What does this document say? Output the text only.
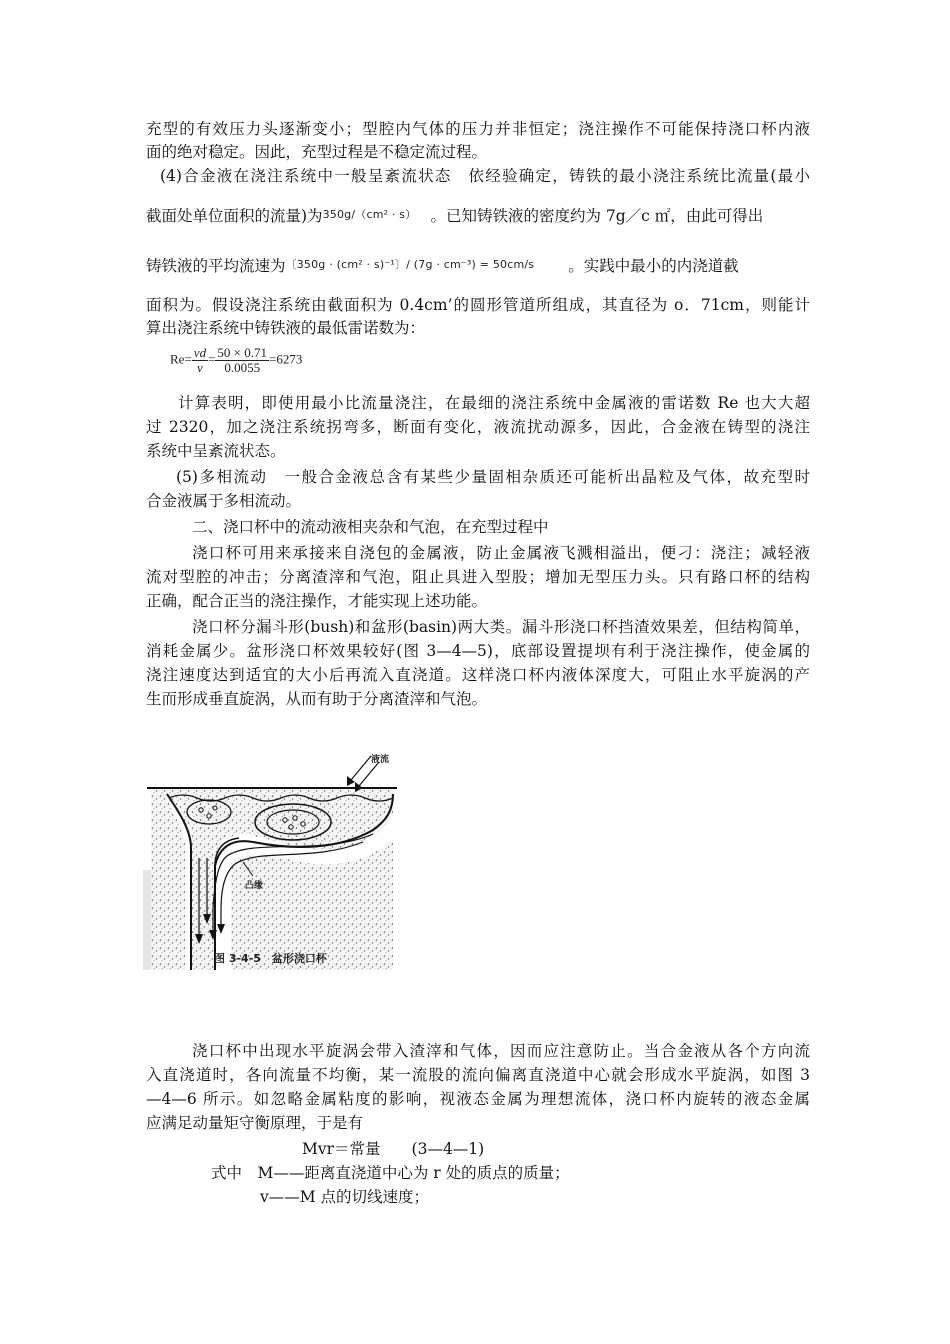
充型的有效压力头逐渐变小；型腔内气体的压力并非恒定；浇注操作不可能保持浇口杯内液
面的绝对稳定。因此，充型过程是不稳定流过程。
(4)合金液在浇注系统中一般呈紊流状态　依经验确定，铸铁的最小浇注系统比流量(最小
截面处单位面积的流量)为350g/（cm² · s） 。已知铸铁液的密度约为 7g／c ㎡，由此可得出
铸铁液的平均流速为〔350g · (cm² · s)⁻¹〕/ (7g · cm⁻³) = 50cm/s 。实践中最小的内浇道截
面积为。假设浇注系统由截面积为 0.4cm’的圆形管道所组成，其直径为 o．71cm，则能计
算出浇注系统中铸铁液的最低雷诺数为：
$Re= \frac{vd}{\nu} = \frac{50 \times 0.71}{0.0055} =6273$
计算表明，即使用最小比流量浇注，在最细的浇注系统中金属液的雷诺数 Re 也大大超
过 2320，加之浇注系统拐弯多，断面有变化，液流扰动源多，因此，合金液在铸型的浇注
系统中呈紊流状态。
(5)多相流动　一般合金液总含有某些少量固相杂质还可能析出晶粒及气体，故充型时
合金液属于多相流动。
二、浇口杯中的流动液相夹杂和气泡，在充型过程中
浇口杯可用来承接来自浇包的金属液，防止金属液飞溅相溢出，便刁：浇注；减轻液
流对型腔的冲击；分离渣滓和气泡，阻止具进入型股；增加无型压力头。只有路口杯的结构
正确，配合正当的浇注操作，才能实现上述功能。
浇口杯分漏斗形(bush)和盆形(basin)两大类。漏斗形浇口杯挡渣效果差，但结构简单，
消耗金属少。盆形浇口杯效果较好(图 3—4—5)，底部设置提坝有利于浇注操作，使金属的
浇注速度达到适宜的大小后再流入直浇道。这样浇口杯内液体深度大，可阻止水平旋涡的产
生而形成垂直旋涡，从而有助于分离渣滓和气泡。
液流
凸缘
图 3-4-5　盆形浇口杯
浇口杯中出现水平旋涡会带入渣滓和气体，因而应注意防止。当合金液从各个方向流
入直浇道时，各向流量不均衡，某一流股的流向偏离直浇道中心就会形成水平旋涡，如图 3
—4—6 所示。如忽略金属粘度的影响，视液态金属为理想流体，浇口杯内旋转的液态金属
应满足动量矩守衡原理，于是有
Mvr＝常量　　(3—4—1)
式中　M——距离直浇道中心为 r 处的质点的质量；
v——M 点的切线速度；
